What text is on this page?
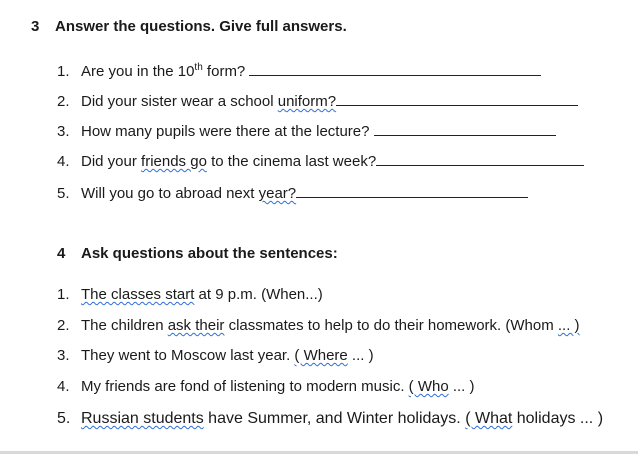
3 Answer the questions. Give full answers.
1. Are you in the 10th form?
2. Did your sister wear a school uniform?
3. How many pupils were there at the lecture?
4. Did your friends go to the cinema last week?
5. Will you go to abroad next year?
4 Ask questions about the sentences:
1. The classes start at 9 p.m. (When...)
2. The children ask their classmates to help to do their homework. (Whom ... )
3. They went to Moscow last year. ( Where ... )
4. My friends are fond of listening to modern music. ( Who ... )
5. Russian students have Summer, and Winter holidays. ( What holidays ... )
